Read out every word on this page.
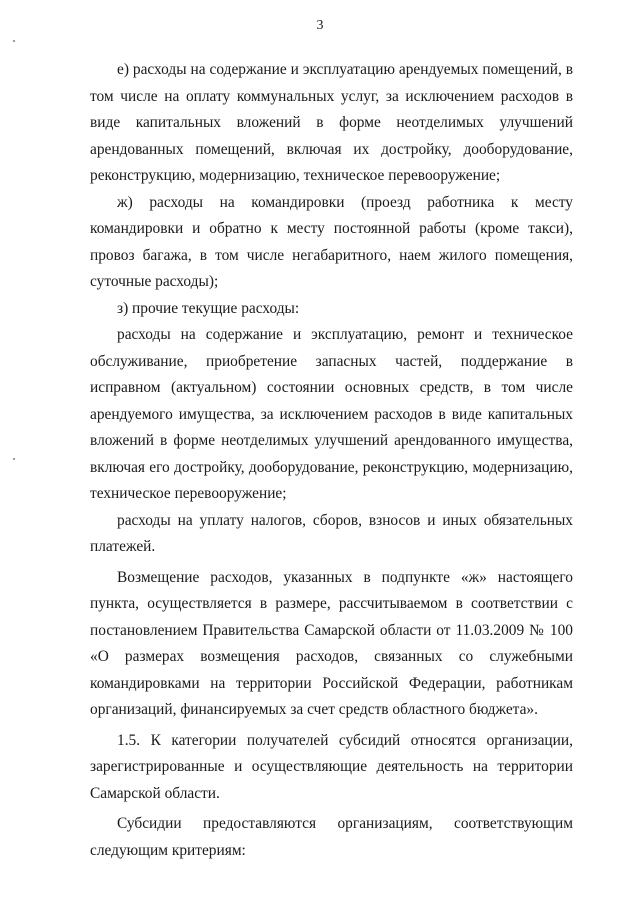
3

е) расходы на содержание и эксплуатацию арендуемых помещений, в том числе на оплату коммунальных услуг, за исключением расходов в виде капитальных вложений в форме неотделимых улучшений арендованных помещений, включая их достройку, дооборудование, реконструкцию, модернизацию, техническое перевооружение;

ж) расходы на командировки (проезд работника к месту командировки и обратно к месту постоянной работы (кроме такси), провоз багажа, в том числе негабаритного, наем жилого помещения, суточные расходы);

з) прочие текущие расходы:

расходы на содержание и эксплуатацию, ремонт и техническое обслуживание, приобретение запасных частей, поддержание в исправном (актуальном) состоянии основных средств, в том числе арендуемого имущества, за исключением расходов в виде капитальных вложений в форме неотделимых улучшений арендованного имущества, включая его достройку, дооборудование, реконструкцию, модернизацию, техническое перевооружение;

расходы на уплату налогов, сборов, взносов и иных обязательных платежей.

Возмещение расходов, указанных в подпункте «ж» настоящего пункта, осуществляется в размере, рассчитываемом в соответствии с постановлением Правительства Самарской области от 11.03.2009 № 100 «О размерах возмещения расходов, связанных со служебными командировками на территории Российской Федерации, работникам организаций, финансируемых за счет средств областного бюджета».

1.5. К категории получателей субсидий относятся организации, зарегистрированные и осуществляющие деятельность на территории Самарской области.

Субсидии предоставляются организациям, соответствующим следующим критериям:
